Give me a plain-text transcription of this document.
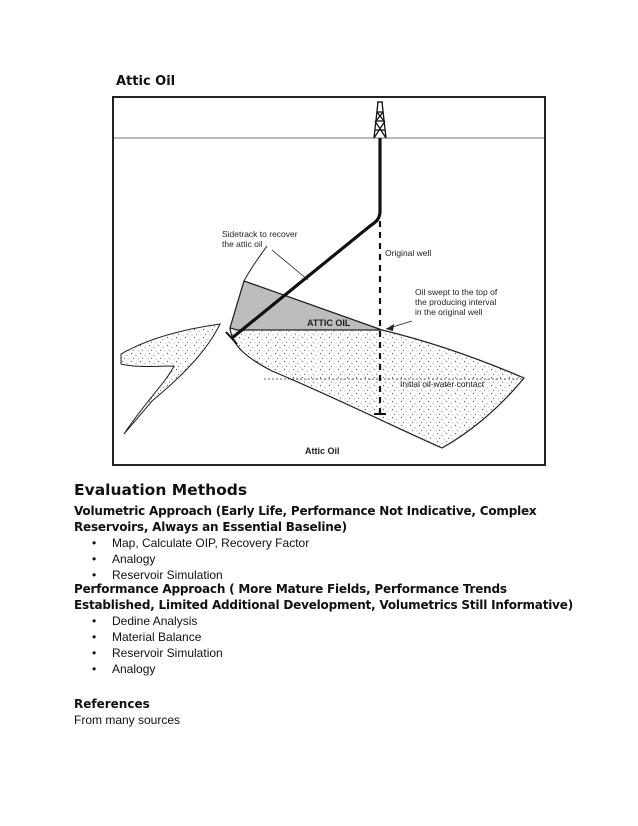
Attic Oil
Sidetrack to recover
the attic oil
Original well
Oil swept to the top of
the producing interval
in the original well
ATTIC OIL
Initial oil-water contact
Attic Oil
Evaluation Methods
Volumetric Approach (Early Life, Performance Not Indicative, Complex
Reservoirs, Always an Essential Baseline)
• Map, Calculate OIP, Recovery Factor
• Analogy
• Reservoir Simulation
Performance Approach ( More Mature Fields, Performance Trends
Established, Limited Additional Development, Volumetrics Still Informative)
• Dedine Analysis
• Material Balance
• Reservoir Simulation
• Analogy
References
From many sources
